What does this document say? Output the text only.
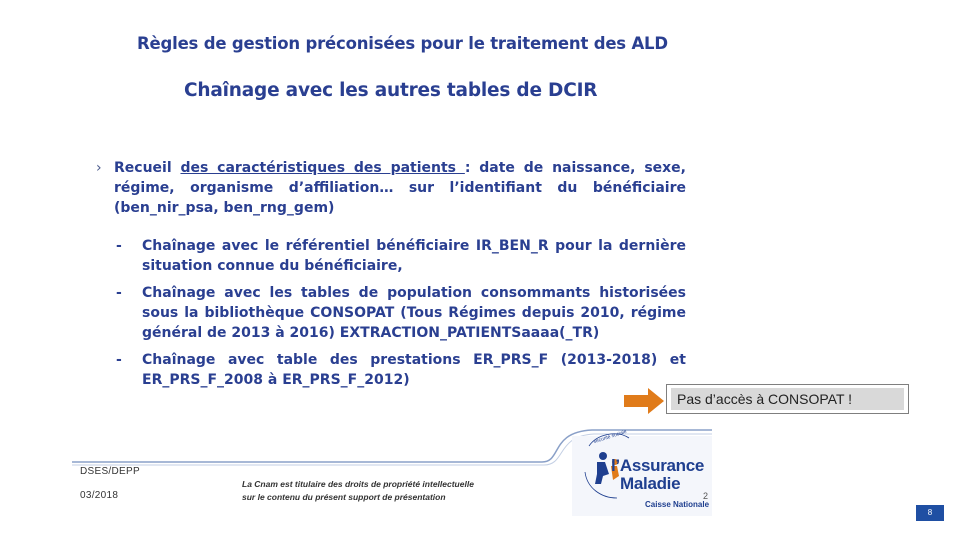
Règles de gestion préconisées pour le traitement des ALD
Chaînage avec les autres tables de DCIR
› Recueil des caractéristiques des patients : date de naissance, sexe, régime, organisme d’affiliation… sur l’identifiant du bénéficiaire (ben_nir_psa, ben_rng_gem)
- Chaînage avec le référentiel bénéficiaire IR_BEN_R pour la dernière situation connue du bénéficiaire,
- Chaînage avec les tables de population consommants historisées sous la bibliothèque CONSOPAT (Tous Régimes depuis 2010, régime général de 2013 à 2016) EXTRACTION_PATIENTSaaaa(_TR)
- Chaînage avec table des prestations ER_PRS_F (2013-2018) et ER_PRS_F_2008 à ER_PRS_F_2012)
Pas d’accès à CONSOPAT !
DSES/DEPP
03/2018
La Cnam est titulaire des droits de propriété intellectuelle
sur le contenu du présent support de présentation
sécurité sociale
l’Assurance
Maladie
Caisse Nationale
2
8
